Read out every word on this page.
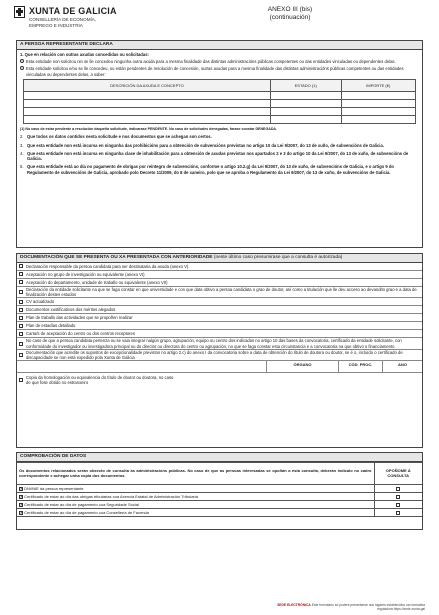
XUNTA DE GALICIA
CONSELLERÍA DE ECONOMÍA,
EMPREGO E INDUSTRIA
ANEXO III (bis)
(continuación)
A PERSOA REPRESENTANTE DECLARA
1. Que en relación con outras axudas concedidas ou solicitadas:
Esta entidade non solicitou nin se lle concedeu ningunha outra axuda para a mesma finalidade das distintas administracións públicas competentes ou das entidades vinculadas ou dependentes delas.
Esta entidade solicitou e/ou se lle concedeu, ou están pendentes de resolución de concesión, outras axudas para a mesma finalidade das distintas administracións públicas competentes ou das entidades vinculadas ou dependentes delas, a saber:
DESCRICIÓN DA AXUDA E CONCEPTO	ESTADO (1)	IMPORTE (€)

(1) No caso de estar pendente a resolución daqueña solicitude, indicarase PENDENTE. No caso de solicitudes denegadas, farase constar DENEGADA.
2. Que todos os datos contidos nesta solicitude e nos documentos que se achegan son certos.
3. Que esta entidade non está incursa en ningunha das prohibicións para a obtención de subvencións previstas no artigo 10 da Lei 9/2007, do 13 de xuño, de subvencións de Galicia.
4. Que esta entidade non está incursa en ningunha clase de inhabilitación para a obtención de axudas previstas nos apartados 2 e 3 do artigo 10 da Lei 9/2007, do 13 de xuño, de subvencións de Galicia.
5. Que esta entidade está ao día no pagamento de obrigas por reintegro de subvencións, conforme o artigo 10.2.g) da Lei 9/2007, do 13 de xuño, de subvencións de Galicia, e o artigo 9 do Regulamento de subvencións de Galicia, aprobado polo Decreto 11/2009, do 8 de xaneiro, polo que se aproba o Regulamento da Lei 9/2007, do 13 de xuño, de subvencións de Galicia.
DOCUMENTACIÓN QUE SE PRESENTA OU XA PRESENTADA CON ANTERIORIDADE (neste último caso presumirase que a consulta é autorizada)
Declaración responsable da persoa candidata para ser destinataria da axuda (anexo V)
Aceptación no grupo de investigación ou equivalente (anexo VI)
Aceptación do departamento, unidade de traballo ou equivalente (anexo VII)
Declaración da entidade solicitante na que se faga constar en que universidade e con que data obtivo a persoa candidata o grao de doutor, así como a titulación que lle deu acceso ao devandito grao e a data de finalización destes estudos
CV actualizado
Documentos xustificativos dos méritos alegados
Plan de traballo das actividades que se propoñen realizar
Plan de estadías detallado
Carta/s de aceptación do centro ou dos centros receptores
No caso de que a persoa candidata pertenza ou se vaia integrar nalgún grupo, agrupación, equipo ou centro dos indicados no artigo 10 das bases da convocatoria, certificado da entidade solicitante, con conformidade do investigador ou investigadora principal ou do director ou directora do centro ou agrupación, no que se faga constar esta circunstancia e a convocatoria na que obtivo o financiamento
Documentación que acredite os supostos de excepcionalidade previstos no artigo 2.c) do anexo I da convocatoria sobre a data de obtención do título de doutora ou doutor, se é o, incluído o certificado de discapacidade se non está expedido pola Xunta de Galicia
ÓRGANO	CÓD. PROC.	ANO
Copia da homologación ou equivalencia do título de doutor ou doutora, no caso de que fose obtido no estranxeiro
COMPROBACIÓN DE DATOS
Os documentos relacionados serán obxecto de consulta ás administracións públicas. No caso de que as persoas interesadas se opoñan a esta consulta, deberán indicalo no cadro correspondente e achegar unha copia dos documentos.	OPOÑOME Á CONSULTA
✕ DNI/NIE da persoa representante	
✕ Certificado de estar ao día das obrigas tributarias coa Axencia Estatal de Administración Tributaria	
✕ Certificado de estar ao día de pagamento coa Seguridade Social	
✕ Certificado de estar ao día de pagamento coa Consellería de Facenda	
SEDE ELECTRÓNICA Este formulario só poderá presentarse nos lugares establecidos na normativa reguladora https://sede.xunta.gal
